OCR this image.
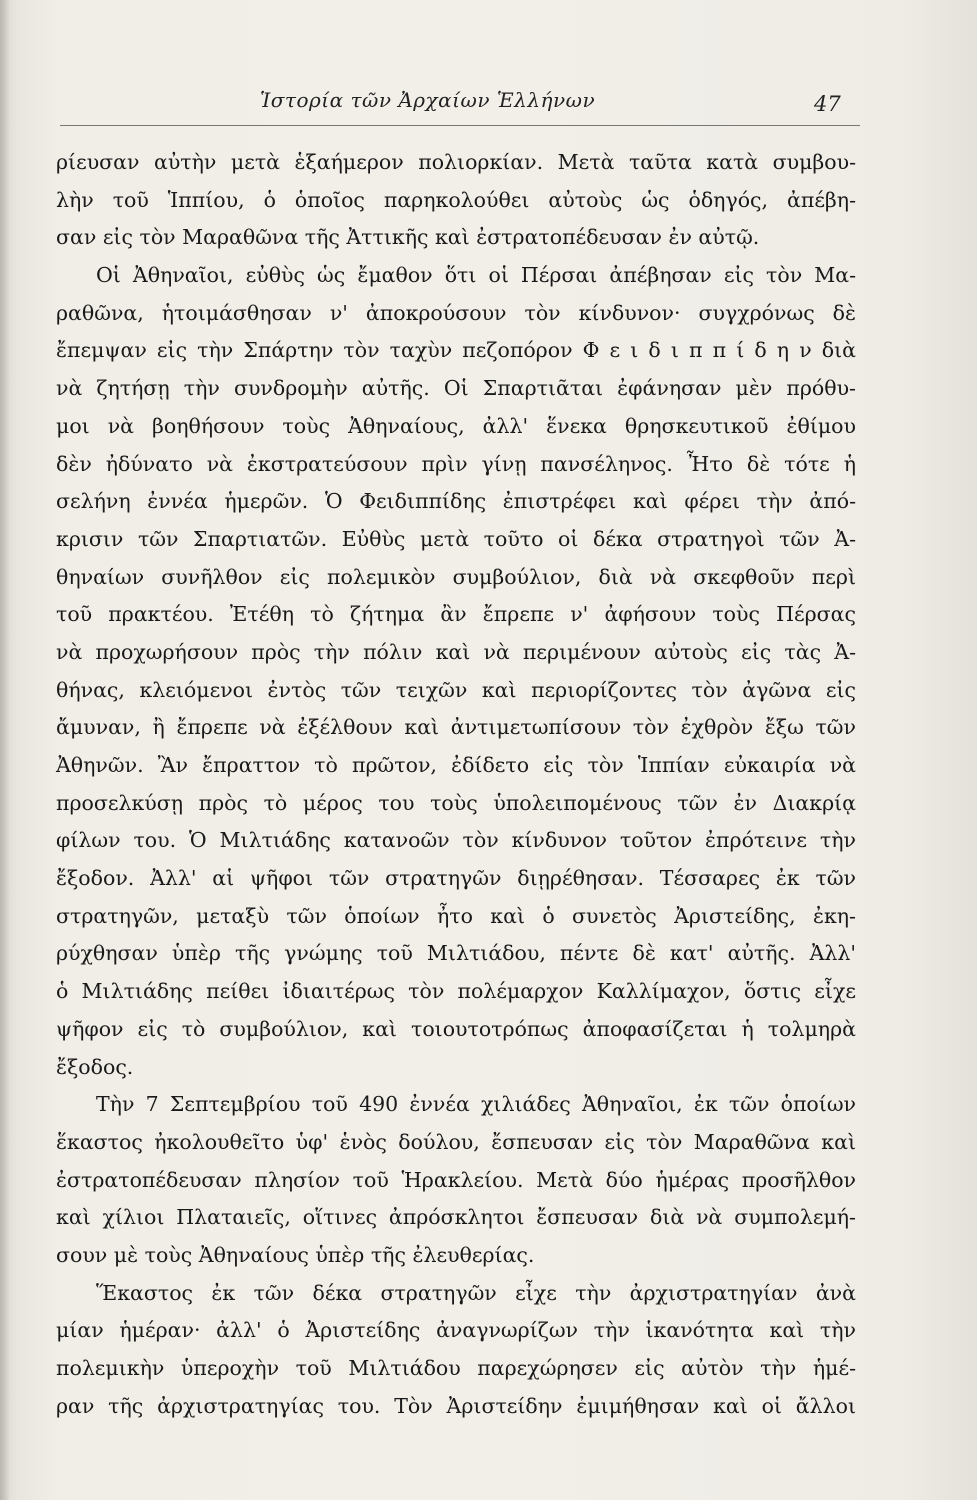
Ἱστορία τῶν Ἀρχαίων Ἑλλήνων	47
ρίευσαν αὐτὴν μετὰ ἑξαήμερον πολιορκίαν. Μετὰ ταῦτα κατὰ συμβου-
λὴν τοῦ Ἱππίου, ὁ ὁποῖος παρηκολούθει αὐτοὺς ὡς ὁδηγός, ἀπέβη-
σαν εἰς τὸν Μαραθῶνα τῆς Ἀττικῆς καὶ ἐστρατοπέδευσαν ἐν αὐτῷ.
Οἱ Ἀθηναῖοι, εὐθὺς ὡς ἔμαθον ὅτι οἱ Πέρσαι ἀπέβησαν εἰς τὸν Μα-
ραθῶνα, ἡτοιμάσθησαν ν' ἀποκρούσουν τὸν κίνδυνον· συγχρόνως δὲ
ἔπεμψαν εἰς τὴν Σπάρτην τὸν ταχὺν πεζοπόρον Φ ε ι δ ι π π ί δ η ν διὰ
νὰ ζητήσῃ τὴν συνδρομὴν αὐτῆς. Οἱ Σπαρτιᾶται ἐφάνησαν μὲν πρόθυ-
μοι νὰ βοηθήσουν τοὺς Ἀθηναίους, ἀλλ' ἕνεκα θρησκευτικοῦ ἐθίμου
δὲν ἠδύνατο νὰ ἐκστρατεύσουν πρὶν γίνῃ πανσέληνος. Ἦτο δὲ τότε ἡ
σελήνη ἐννέα ἡμερῶν. Ὁ Φειδιππίδης ἐπιστρέφει καὶ φέρει τὴν ἀπό-
κρισιν τῶν Σπαρτιατῶν. Εὐθὺς μετὰ τοῦτο οἱ δέκα στρατηγοὶ τῶν Ἀ-
θηναίων συνῆλθον εἰς πολεμικὸν συμβούλιον, διὰ νὰ σκεφθοῦν περὶ
τοῦ πρακτέου. Ἐτέθη τὸ ζήτημα ἂν ἔπρεπε ν' ἀφήσουν τοὺς Πέρσας
νὰ προχωρήσουν πρὸς τὴν πόλιν καὶ νὰ περιμένουν αὐτοὺς εἰς τὰς Ἀ-
θήνας, κλειόμενοι ἐντὸς τῶν τειχῶν καὶ περιορίζοντες τὸν ἀγῶνα εἰς
ἄμυναν, ἢ ἔπρεπε νὰ ἐξέλθουν καὶ ἀντιμετωπίσουν τὸν ἐχθρὸν ἔξω τῶν
Ἀθηνῶν. Ἂν ἔπραττον τὸ πρῶτον, ἐδίδετο εἰς τὸν Ἱππίαν εὐκαιρία νὰ
προσελκύσῃ πρὸς τὸ μέρος του τοὺς ὑπολειπομένους τῶν ἐν Διακρίᾳ
φίλων του. Ὁ Μιλτιάδης κατανοῶν τὸν κίνδυνον τοῦτον ἐπρότεινε τὴν
ἔξοδον. Ἀλλ' αἱ ψῆφοι τῶν στρατηγῶν διῃρέθησαν. Τέσσαρες ἐκ τῶν
στρατηγῶν, μεταξὺ τῶν ὁποίων ἦτο καὶ ὁ συνετὸς Ἀριστείδης, ἐκη-
ρύχθησαν ὑπὲρ τῆς γνώμης τοῦ Μιλτιάδου, πέντε δὲ κατ' αὐτῆς. Ἀλλ'
ὁ Μιλτιάδης πείθει ἰδιαιτέρως τὸν πολέμαρχον Καλλίμαχον, ὅστις εἶχε
ψῆφον εἰς τὸ συμβούλιον, καὶ τοιουτοτρόπως ἀποφασίζεται ἡ τολμηρὰ
ἔξοδος.
Τὴν 7 Σεπτεμβρίου τοῦ 490 ἐννέα χιλιάδες Ἀθηναῖοι, ἐκ τῶν ὁποίων
ἕκαστος ἠκολουθεῖτο ὑφ' ἑνὸς δούλου, ἔσπευσαν εἰς τὸν Μαραθῶνα καὶ
ἐστρατοπέδευσαν πλησίον τοῦ Ἡρακλείου. Μετὰ δύο ἡμέρας προσῆλθον
καὶ χίλιοι Πλαταιεῖς, οἵτινες ἀπρόσκλητοι ἔσπευσαν διὰ νὰ συμπολεμή-
σουν μὲ τοὺς Ἀθηναίους ὑπὲρ τῆς ἐλευθερίας.
Ἕκαστος ἐκ τῶν δέκα στρατηγῶν εἶχε τὴν ἀρχιστρατηγίαν ἀνὰ
μίαν ἡμέραν· ἀλλ' ὁ Ἀριστείδης ἀναγνωρίζων τὴν ἱκανότητα καὶ τὴν
πολεμικὴν ὑπεροχὴν τοῦ Μιλτιάδου παρεχώρησεν εἰς αὐτὸν τὴν ἡμέ-
ραν τῆς ἀρχιστρατηγίας του. Τὸν Ἀριστείδην ἐμιμήθησαν καὶ οἱ ἄλλοι
